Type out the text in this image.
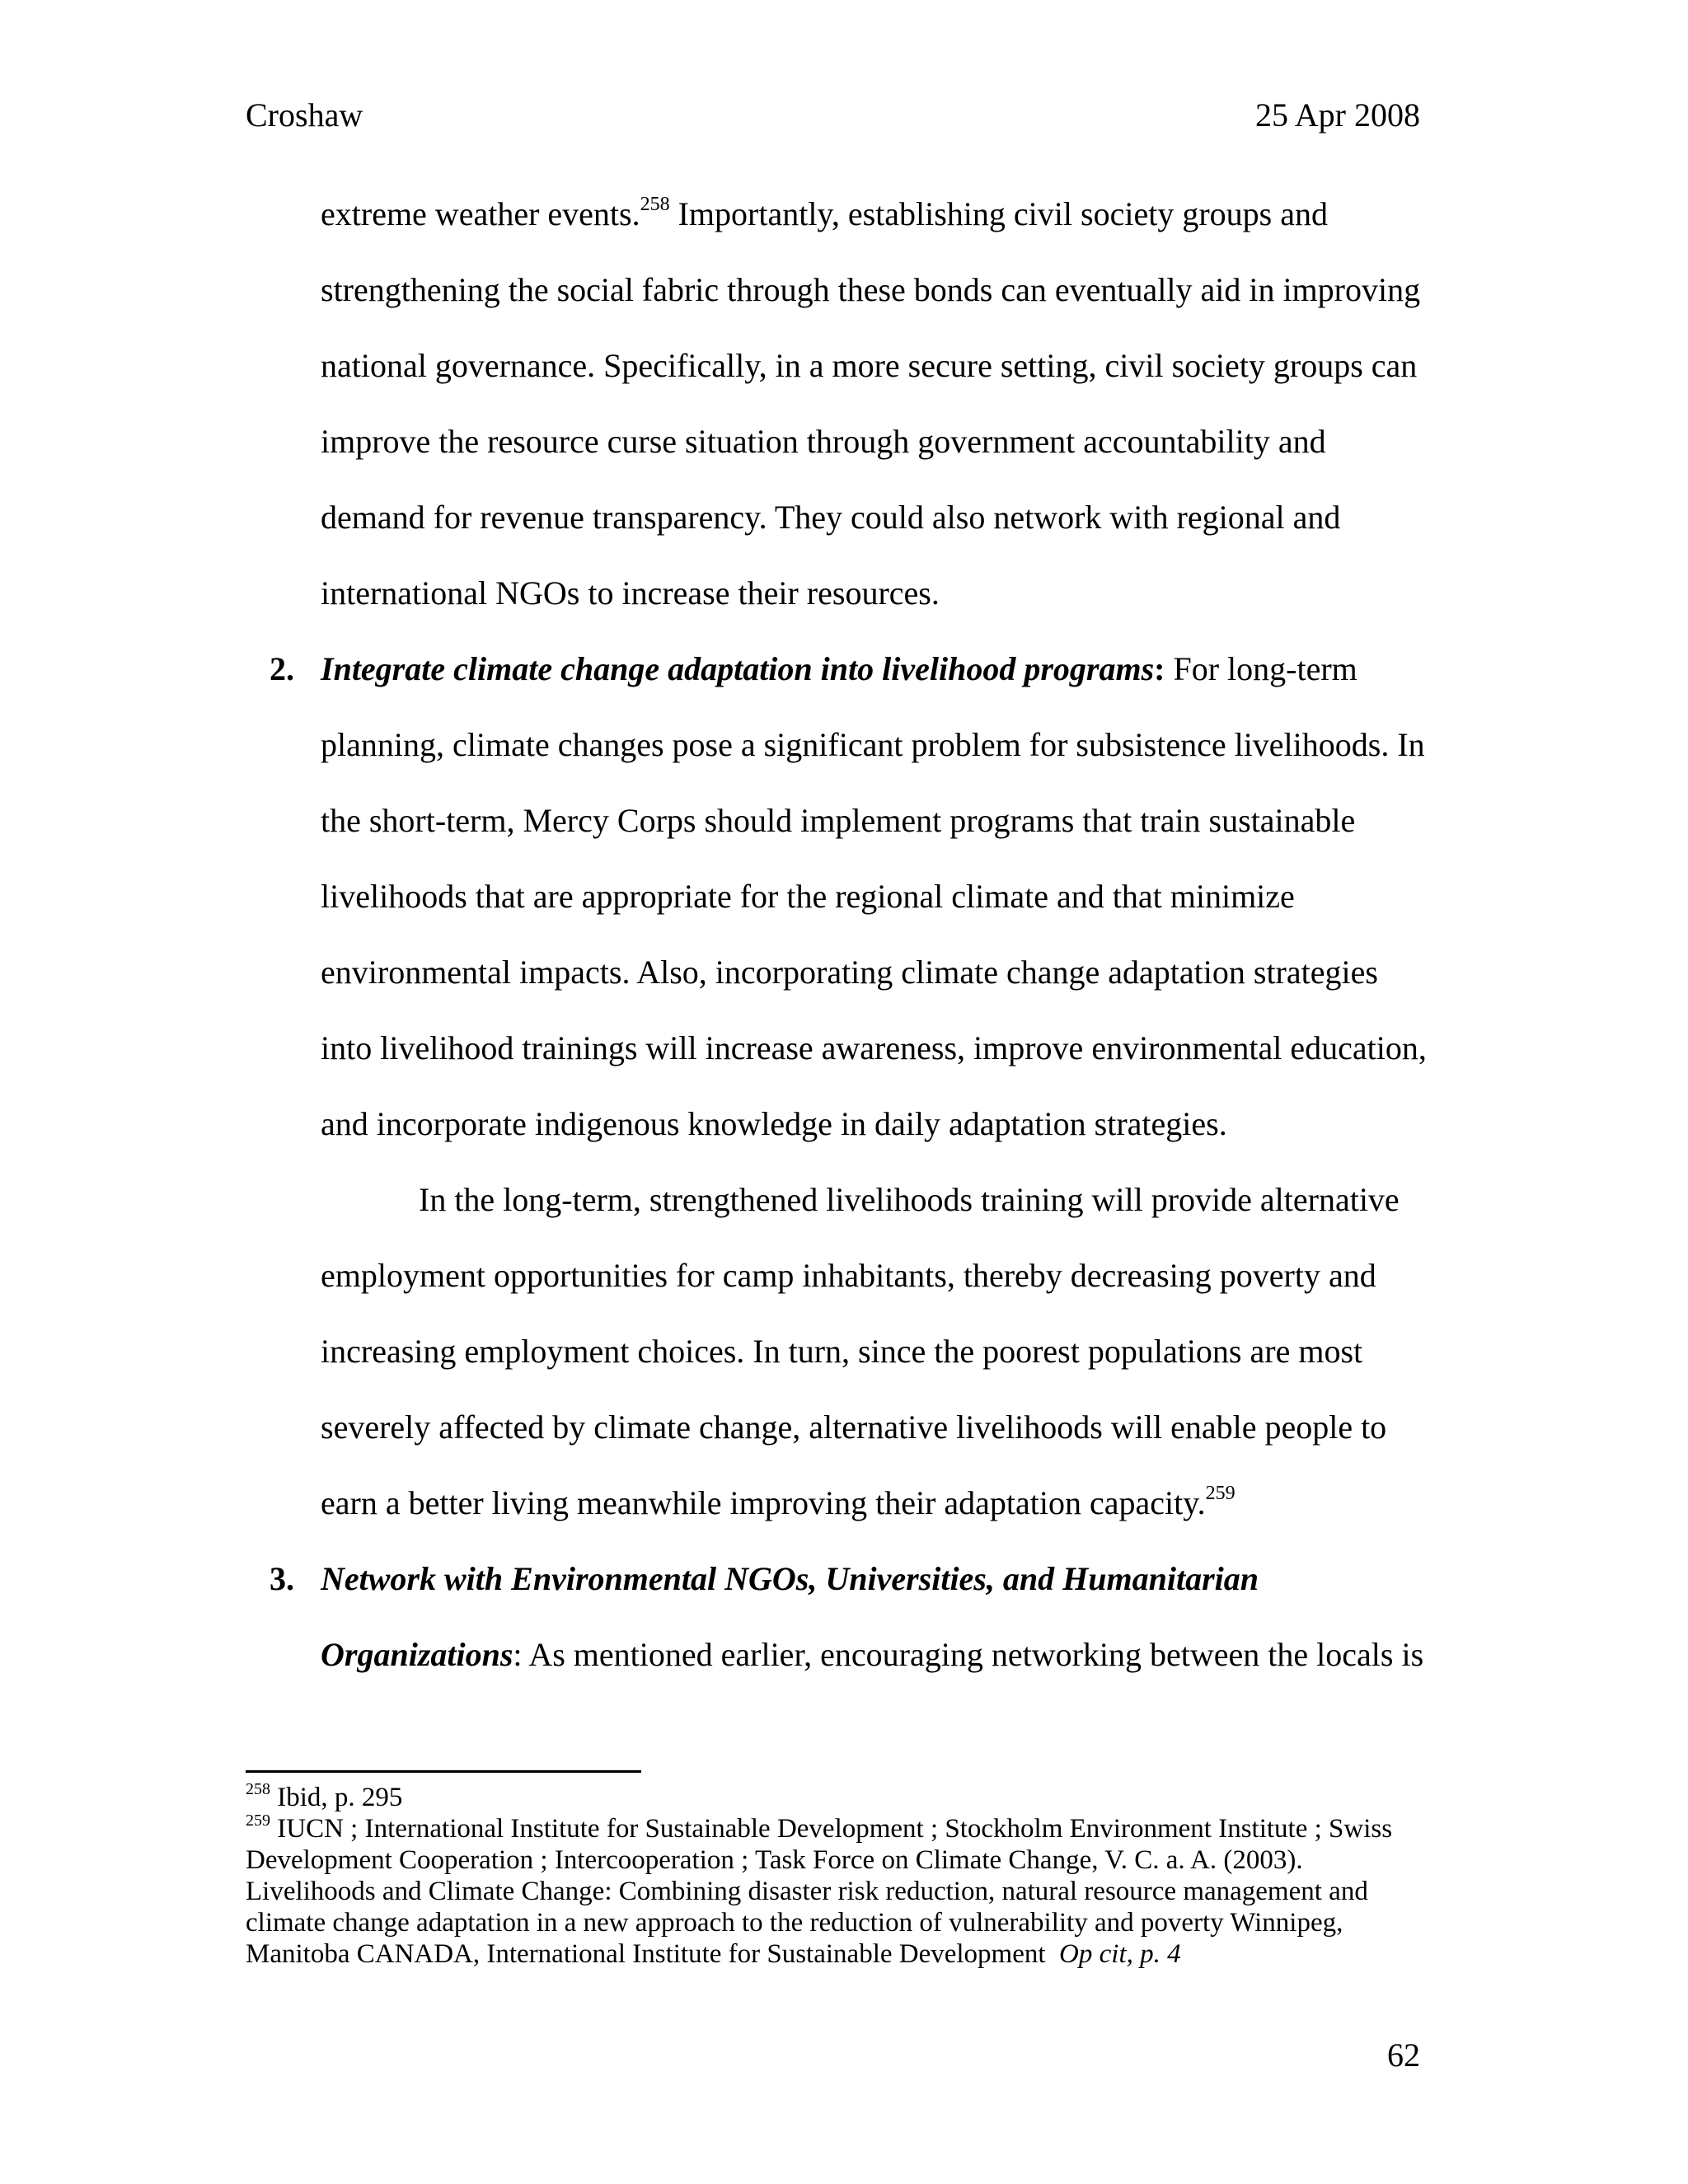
Croshaw	25 Apr 2008
extreme weather events.$^{258}$ Importantly, establishing civil society groups and
strengthening the social fabric through these bonds can eventually aid in improving
national governance. Specifically, in a more secure setting, civil society groups can
improve the resource curse situation through government accountability and
demand for revenue transparency. They could also network with regional and
international NGOs to increase their resources.
2. Integrate climate change adaptation into livelihood programs: For long-term
planning, climate changes pose a significant problem for subsistence livelihoods. In
the short-term, Mercy Corps should implement programs that train sustainable
livelihoods that are appropriate for the regional climate and that minimize
environmental impacts. Also, incorporating climate change adaptation strategies
into livelihood trainings will increase awareness, improve environmental education,
and incorporate indigenous knowledge in daily adaptation strategies.
In the long-term, strengthened livelihoods training will provide alternative
employment opportunities for camp inhabitants, thereby decreasing poverty and
increasing employment choices. In turn, since the poorest populations are most
severely affected by climate change, alternative livelihoods will enable people to
earn a better living meanwhile improving their adaptation capacity.$^{259}$
3. Network with Environmental NGOs, Universities, and Humanitarian
Organizations: As mentioned earlier, encouraging networking between the locals is
$^{258}$ Ibid, p. 295
$^{259}$ IUCN ; International Institute for Sustainable Development ; Stockholm Environment Institute ; Swiss
Development Cooperation ; Intercooperation ; Task Force on Climate Change, V. C. a. A. (2003).
Livelihoods and Climate Change: Combining disaster risk reduction, natural resource management and
climate change adaptation in a new approach to the reduction of vulnerability and poverty Winnipeg,
Manitoba CANADA, International Institute for Sustainable Development  Op cit, p. 4
62
